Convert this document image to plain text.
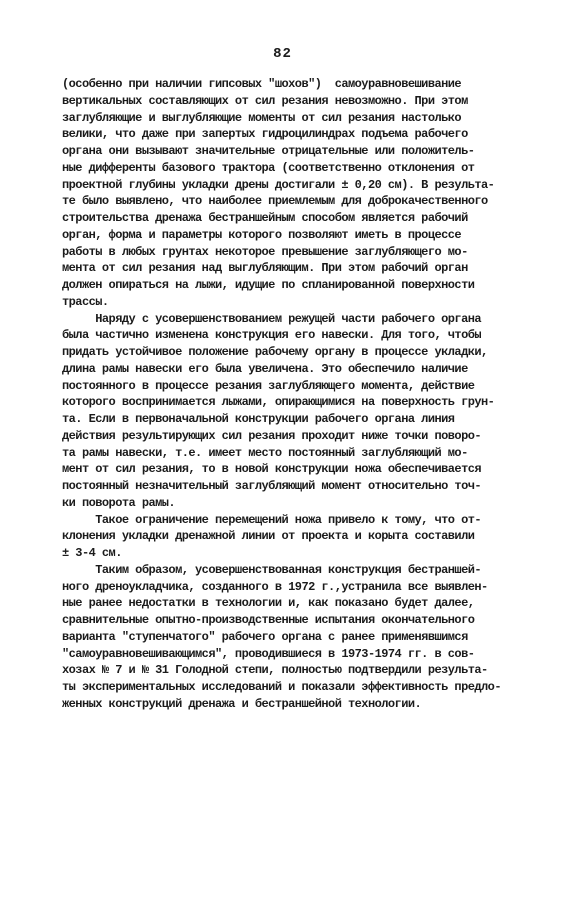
82
(особенно при наличии гипсовых "шохов")  самоуравновешивание
вертикальных составляющих от сил резания невозможно. При этом
заглубляющие и выглубляющие моменты от сил резания настолько
велики, что даже при запертых гидроцилиндрах подъема рабочего
органа они вызывают значительные отрицательные или положитель-
ные дифференты базового трактора (соответственно отклонения от
проектной глубины укладки дрены достигали ± 0,20 см). В результа-
те было выявлено, что наиболее приемлемым для доброкачественного
строительства дренажа бестраншейным способом является рабочий
орган, форма и параметры которого позволяют иметь в процессе
работы в любых грунтах некоторое превышение заглубляющего мо-
мента от сил резания над выглубляющим. При этом рабочий орган
должен опираться на лыжи, идущие по спланированной поверхности
трассы.
Наряду с усовершенствованием режущей части рабочего органа
была частично изменена конструкция его навески. Для того, чтобы
придать устойчивое положение рабочему органу в процессе укладки,
длина рамы навески его была увеличена. Это обеспечило наличие
постоянного в процессе резания заглубляющего момента, действие
которого воспринимается лыжами, опирающимися на поверхность грун-
та. Если в первоначальной конструкции рабочего органа линия
действия результирующих сил резания проходит ниже точки поворо-
та рамы навески, т.е. имеет место постоянный заглубляющий мо-
мент от сил резания, то в новой конструкции ножа обеспечивается
постоянный незначительный заглубляющий момент относительно точ-
ки поворота рамы.
Такое ограничение перемещений ножа привело к тому, что от-
клонения укладки дренажной линии от проекта и корыта составили
± 3-4 см.
Таким образом, усовершенствованная конструкция бестраншей-
ного дреноукладчика, созданного в 1972 г.,устранила все выявлен-
ные ранее недостатки в технологии и, как показано будет далее,
сравнительные опытно-производственные испытания окончательного
варианта "ступенчатого" рабочего органа с ранее применявшимся
"самоуравновешивающимся", проводившиеся в 1973-1974 гг. в сов-
хозах № 7 и № 31 Голодной степи, полностью подтвердили результа-
ты экспериментальных исследований и показали эффективность предло-
женных конструкций дренажа и бестраншейной технологии.
